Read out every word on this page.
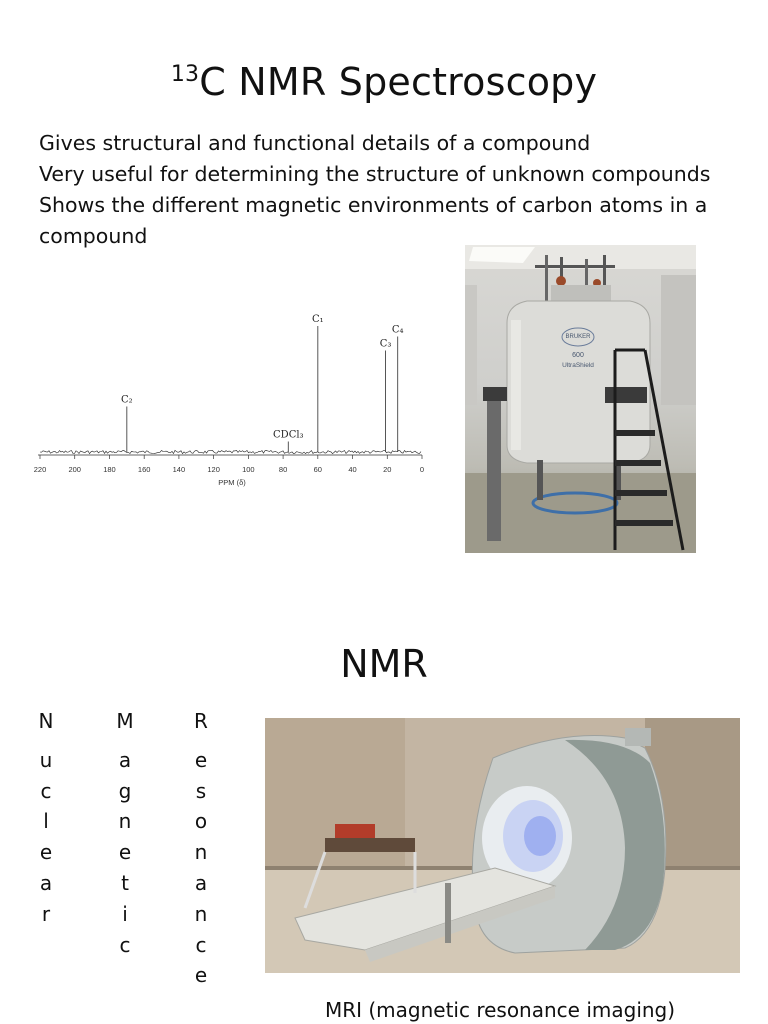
$^{13}$C NMR Spectroscopy
Gives structural and functional details of a compound
Very useful for determining the structure of unknown compounds
Shows the different magnetic environments of carbon atoms in a
compound
220	200	180	160	140	120	100	80	60	40	20	0
C₂
CDCl₃
C₁
C₃
C₄
PPM (δ)
BRUKER
600
UltraShield
NMR
N
u
c
l
e
a
r
M
a
g
n
e
t
i
c
R
e
s
o
n
a
n
c
e
MRI (magnetic resonance imaging)
